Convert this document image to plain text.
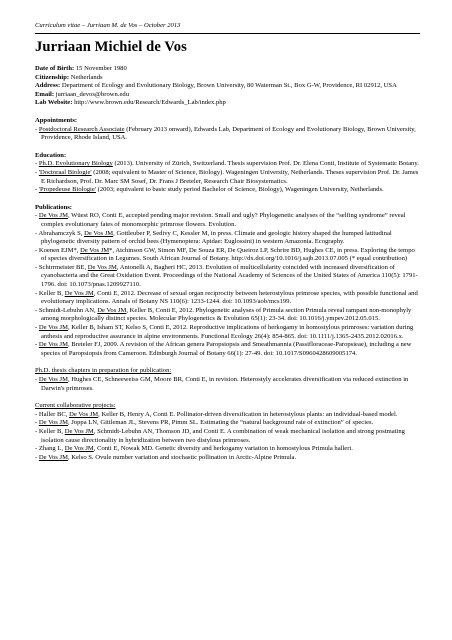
Curriculum vitae – Jurriaan M. de Vos – October 2013
Jurriaan Michiel de Vos
Date of Birth: 15 November 1980
Citizenship: Netherlands
Address: Department of Ecology and Evolutionary Biology, Brown University, 80 Waterman St., Box G-W, Providence, RI 02912, USA
Email: jurriaan_devos@brown.edu
Lab Website: http://www.brown.edu/Research/Edwards_Lab/index.php
Appointments:
- Postdoctoral Research Associate (February 2013 onward), Edwards Lab, Department of Ecology and Evolutionary Biology, Brown University, Providence, Rhode Island, USA.
Education:
- Ph.D. Evolutionary Biology (2013). University of Zürich, Switzerland. Thesis supervision Prof. Dr. Elena Conti, Institute of Systematic Botany.
- 'Doctoraal Biologie' (2008; equivalent to Master of Science, Biology). Wageningen University, Netherlands. Theses supervision Prof. Dr. James E Richardson, Prof. Dr. Marc SM Sosef, Dr. Frans J Breteler, Research Chair Biosystematics.
- 'Propedeuse Biologie' (2003; equivalent to basic study period Bachelor of Science, Biology), Wageningen University, Netherlands.
Publications:
- De Vos JM, Wüest RO, Conti E, accepted pending major revision. Small and ugly? Phylogenetic analyses of the “selfing syndrome” reveal complex evolutionary fates of monomorphic primrose flowers. Evolution.
- Abrahamczyk S, De Vos JM, Gottleuber P, Sedivy C, Kessler M, in press. Climate and geologic history shaped the humped latitudinal phylogenetic diversity pattern of orchid bees (Hymenoptera: Apidae: Euglossini) in western Amazonia. Ecography.
- Koenen EJM*, De Vos JM*, Atchinson GW, Simon MF, De Souza ER, De Queiroz LP, Schrire BD, Hughes CE, in press. Exploring the tempo of species diversification in Legumes. South African Journal of Botany. http://dx.doi.org/10.1016/j.sajb.2013.07.005 (* equal contribution)
- Schirrmeister BE, De Vos JM, Antonelli A, Bagheri HC, 2013. Evolution of multicellularity coincided with increased diversification of cyanobacteria and the Great Oxidation Event. Proceedings of the National Academy of Sciences of the United States of America 110(5): 1791-1796. doi: 10.1073/pnas.1209927110.
- Keller B, De Vos JM, Conti E, 2012. Decrease of sexual organ reciprocity between heterostylous primrose species, with possible functional and evolutionary implications. Annals of Botany NS 110(6): 1233-1244. doi: 10.1093/aob/mcs199.
- Schmidt-Lebuhn AN, De Vos JM, Keller B, Conti E, 2012. Phylogenetic analyses of Primula section Primula reveal rampant non-monophyly among morphologically distinct species. Molecular Phylogenetics & Evolution 65(1): 23-34. doi: 10.1016/j.ympev.2012.05.015.
- De Vos JM, Keller B, Isham ST, Kelso S, Conti E, 2012. Reproductive implications of herkogamy in homostylous primroses: variation during anthesis and reproductive assurance in alpine environments. Functional Ecology 26(4): 854-865. doi: 10.1111/j.1365-2435.2012.02016.x.
- De Vos JM, Breteler FJ, 2009. A revision of the African genera Paropsiopsis and Smeathmannia (Passifloraceae-Paropsieae), including a new species of Paropsiopsis from Cameroon. Edinburgh Journal of Botany 66(1): 27-49. doi: 10.1017/S0960428609005174.
Ph.D. thesis chapters in preparation for publication:
- De Vos JM, Hughes CE, Schneeweiss GM, Moore BR, Conti E, in revision. Heterostyly accelerates diversification via reduced extinction in Darwin's primroses.
Current collaborative projects:
- Haller BC, De Vos JM, Keller B, Henry A, Conti E. Pollinator-driven diversification in heterostylous plants: an individual-based model.
- De Vos JM, Joppa LN, Gittleman JL, Stevens PR, Pimm SL. Estimating the “natural background rate of extinction” of species.
- Keller B, De Vos JM, Schmidt-Lebuhn AN, Thomson JD, and Conti E. A combination of weak mechanical isolation and strong postmating isolation cause directionality in hybridization between two distylous primroses.
- Zhang L, De Vos JM, Conti E, Nowak MD. Genetic diversity and herkogamy variation in homostylous Primula halleri.
- De Vos JM, Kelso S. Ovule number variation and stochastic pollination in Arctic-Alpine Primula.
